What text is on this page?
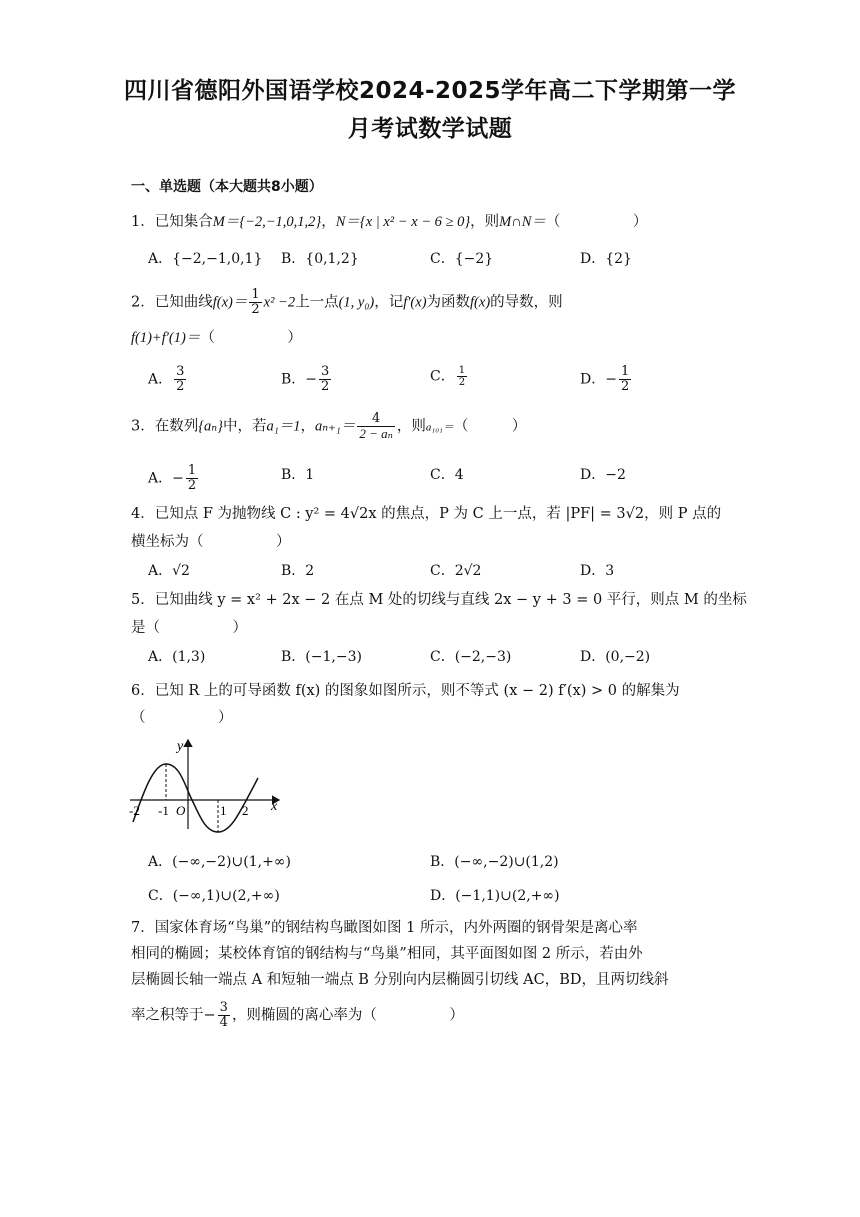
四川省德阳外国语学校2024-2025学年高二下学期第一学
月考试数学试题
一、单选题（本大题共8小题）
1．已知集合M＝{−2,−1,0,1,2}，N＝{x | x² − x − 6 ≥ 0}，则M∩N＝（　　　　　）
A．{−2,−1,0,1} B．{0,1,2}	C．{−2}	D．{2}
2．已知曲线$f(x)= \frac{1}{2} x^2 -2$上一点(1, y₀)，记f′(x)为函数f(x)的导数，则
f(1)+f′(1)＝（　　　　　）
A． $\frac{3}{2}$	B．− $\frac{3}{2}$	C． $\frac{1}{2}$	D．− $\frac{1}{2}$
3．在数列{aₙ}中，若a₁＝1，$a_{n+1}= \frac{4}{\text{2 − aₙ}}$ ，则a₁₀₁＝（　　　）
A．− $\frac{1}{2}$	B．1	C．4	D．−2
4．已知点 F 为抛物线 C : y² = 4√2x 的焦点，P 为 C 上一点，若 |PF| = 3√2，则 P 点的
横坐标为（　　　　　）
A．√2	B．2	C．2√2	D．3
5．已知曲线 y = x² + 2x − 2 在点 M 处的切线与直线 2x − y + 3 = 0 平行，则点 M 的坐标
是（　　　　　）
A．(1,3)	B．(−1,−3)	C．(−2,−3)	D．(0,−2)
6．已知 R 上的可导函数 f(x) 的图象如图所示，则不等式 (x − 2) f′(x) > 0 的解集为
（　　　　　）
y
x
-2 -1 O	1 2
A．(−∞,−2)∪(1,+∞)	B．(−∞,−2)∪(1,2)
C．(−∞,1)∪(2,+∞)	D．(−1,1)∪(2,+∞)
7．国家体育场“鸟巢”的钢结构鸟瞰图如图 1 所示，内外两圈的钢骨架是离心率
相同的椭圆；某校体育馆的钢结构与“鸟巢”相同，其平面图如图 2 所示，若由外
层椭圆长轴一端点 A 和短轴一端点 B 分别向内层椭圆引切线 AC，BD，且两切线斜
率之积等于− $\frac{3}{4}$ ，则椭圆的离心率为（　　　　　）
